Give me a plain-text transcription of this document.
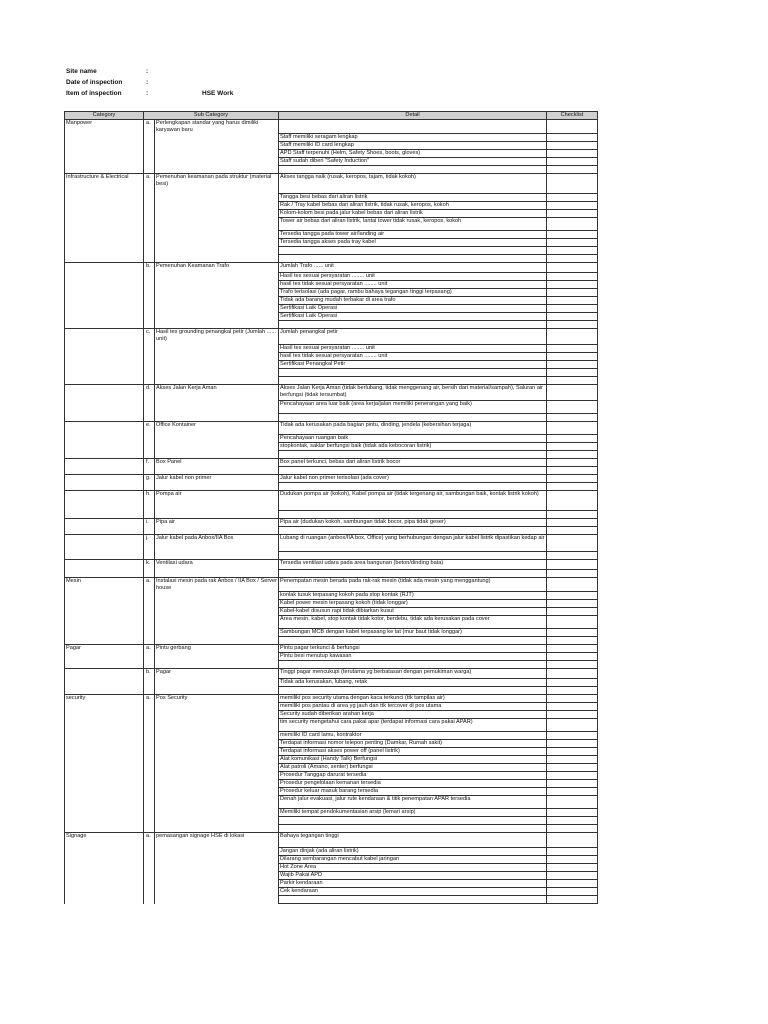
Site name	:
Date of inspection	:
Item of inspection	:	HSE Work
Category	Sub Category		Detail	Checklist
Manpower	a.	Perlengkapan standar yang harus dimiliki karyawan baru		
			Staff memiliki seragam lengkap	
			Staff memiliki ID card lengkap	
			APD Staff terpenuhi (Helm, Safety Shoes, boots, gloves)	
			Staff sudah diberi "Safety Induction"	

Infrastructure & Electrical	a.	Pemenuhan keamanan pada struktur (material besi)	Akses tangga naik (rusak, keropos, tajam, tidak kokoh)	
			Tangga besi bebas dari aliran listrik	
			Rak / Tray kabel bebas dari aliran listrik, tidak rusak, keropos, kokoh	
			Kolom-kolom besi pada jalur kabel bebas dari aliran listrik	
			Tower air bebas dari aliran listrik, lantai tower tidak rusak, keropos, kokoh	
			Tersedia tangga pada tower air/landing air	
			Tersedia tangga akses pada tray kabel	

	b.	Pemenuhan Keamanan Trafo	Jumlah Trafo ...... unit	
			Hasil tes sesuai persyaratan ........ unit	
			hasil tes tidak sesuai persyaratan ........ unit	
			Trafo terisolasi (ada pagar, rambu bahaya tegangan tinggi terpasang)	
			Tidak ada barang mudah terbakar di area trafo	
			Sertifikasi Laik Operasi	
			Sertifikasi Laik Operasi	

	c.	Hasil tes grounding penangkal petir (Jumlah ...... unit)	Jumlah penangkal petir	
			Hasil tes sesuai persyaratan ........ unit	
			hasil tes tidak sesuai persyaratan ........ unit	
			Sertifikasi Penangkal Petir	

	d.	Akses Jalan Kerja Aman	Akses Jalan Kerja Aman (tidak berlubang, tidak menggenang air, bersih dari material/sampah), Saluran air berfungsi (tidak tersumbat)	
			Pencahayaan area luar baik (area kerja/jalan memiliki penerangan yang baik)	

	e.	Office Kontainer	Tidak ada kerusakan pada bagian pintu, dinding, jendela (kebersihan terjaga)	
			Pencahayaan ruangan baik	
			stopkontak, saklar berfungsi baik (tidak ada kebocoran listrik)	

	f.	Box Panel	Box panel terkunci, bebas dari aliran listrik bocor	

	g.	Jalur kabel non primer	Jalur kabel non primer terisolasi (ada cover)	

	h.	Pompa air	Dudukan pompa air (kokoh), Kabel pompa air (tidak tergenang air, sambungan baik, kontak listrik kokoh)	

	i.	Pipa air	Pipa air (dudukan kokoh, sambungan tidak bocor, pipa tidak geser)	

	j.	Jalur kabel pada Anbox/IIA Box	Lubang di ruangan (anbox/IIA box, Office) yang berhubungan dengan jalur kabel listrik dipastikan kedap air	

	k.	Ventilasi udara	Tersedia ventilasi udara pada area bangunan (beton/dinding bata)	

Mesin	a.	Instalasi mesin pada rak Anbox / IIA Box / Server house	Penempatan mesin berada pada rak-rak mesin (tidak ada mesin yang menggantung)	
			konlak tusuk terpasang kokoh pada stop kontak (RJT)	
			Kabel power mesin terpasang kokoh (tidak longgar)	
			Kabel-kabel disusun rapi tidak dibiarkan kusut	
			Area mesin, kabel, stop kontak tidak kotor, berdebu, tidak ada kerusakan pada cover	
			Sambungan MCB dengan kabel terpasang ke tat (mur baut tidak longgar)	

Pagar	a.	Pintu gerbang	Pintu pagar terkunci & berfungsi	
			Pintu besi menutup kawasan	

	b.	Pagar	Tinggi pagar mencukupi (terutama yg berbatasan dengan pemukiman warga)	
			Tidak ada kerusakan, lubang, retak	

security	a.	Pos Security	memiliki pos security utama dengan kaca terkunci (ttk tampilas air)	
			memiliki pos pantau di area yg jauh dan ttk tercover di pos utama	
			Security sudah diberikan arahan kerja	
			tim security mengetahui cara pakai apar (terdapat informasi cara pakai APAR)	
			memiliki ID card lamu, kontraktor	
			Terdapat informasi nomor telepon penting (Damkar, Rumah sakit)	
			Terdapat informasi akses power off (panel listrik)	
			Alat komunikasi (Handy Talk) Berfungsi	
			Alat patroli (Amano, senter) berfungsi	
			Prosedur Tanggap darurat tersedia	
			Prosedur pengelolaan kemanan tersedia	
			Prosedur keluar masuk barang tersedia	
			Denah jalur evakuasi, jalur rute kendaraan & titik penempatan APAR tersedia	
			Memiliki tempat pendokumentasian arsip (lemari arsip)	

Signage	a.	pemasangan signage HSE di lokasi	Bahaya tegangan tinggi	
			Jangan dinjak (ada aliran listrik)	
			Dilarang sembarangan mencabut kabel jaringan	
			Hot Zone Area	
			Wajib Pakai APD	
			Parkir kendaraan	
			Cek kendaraan	
